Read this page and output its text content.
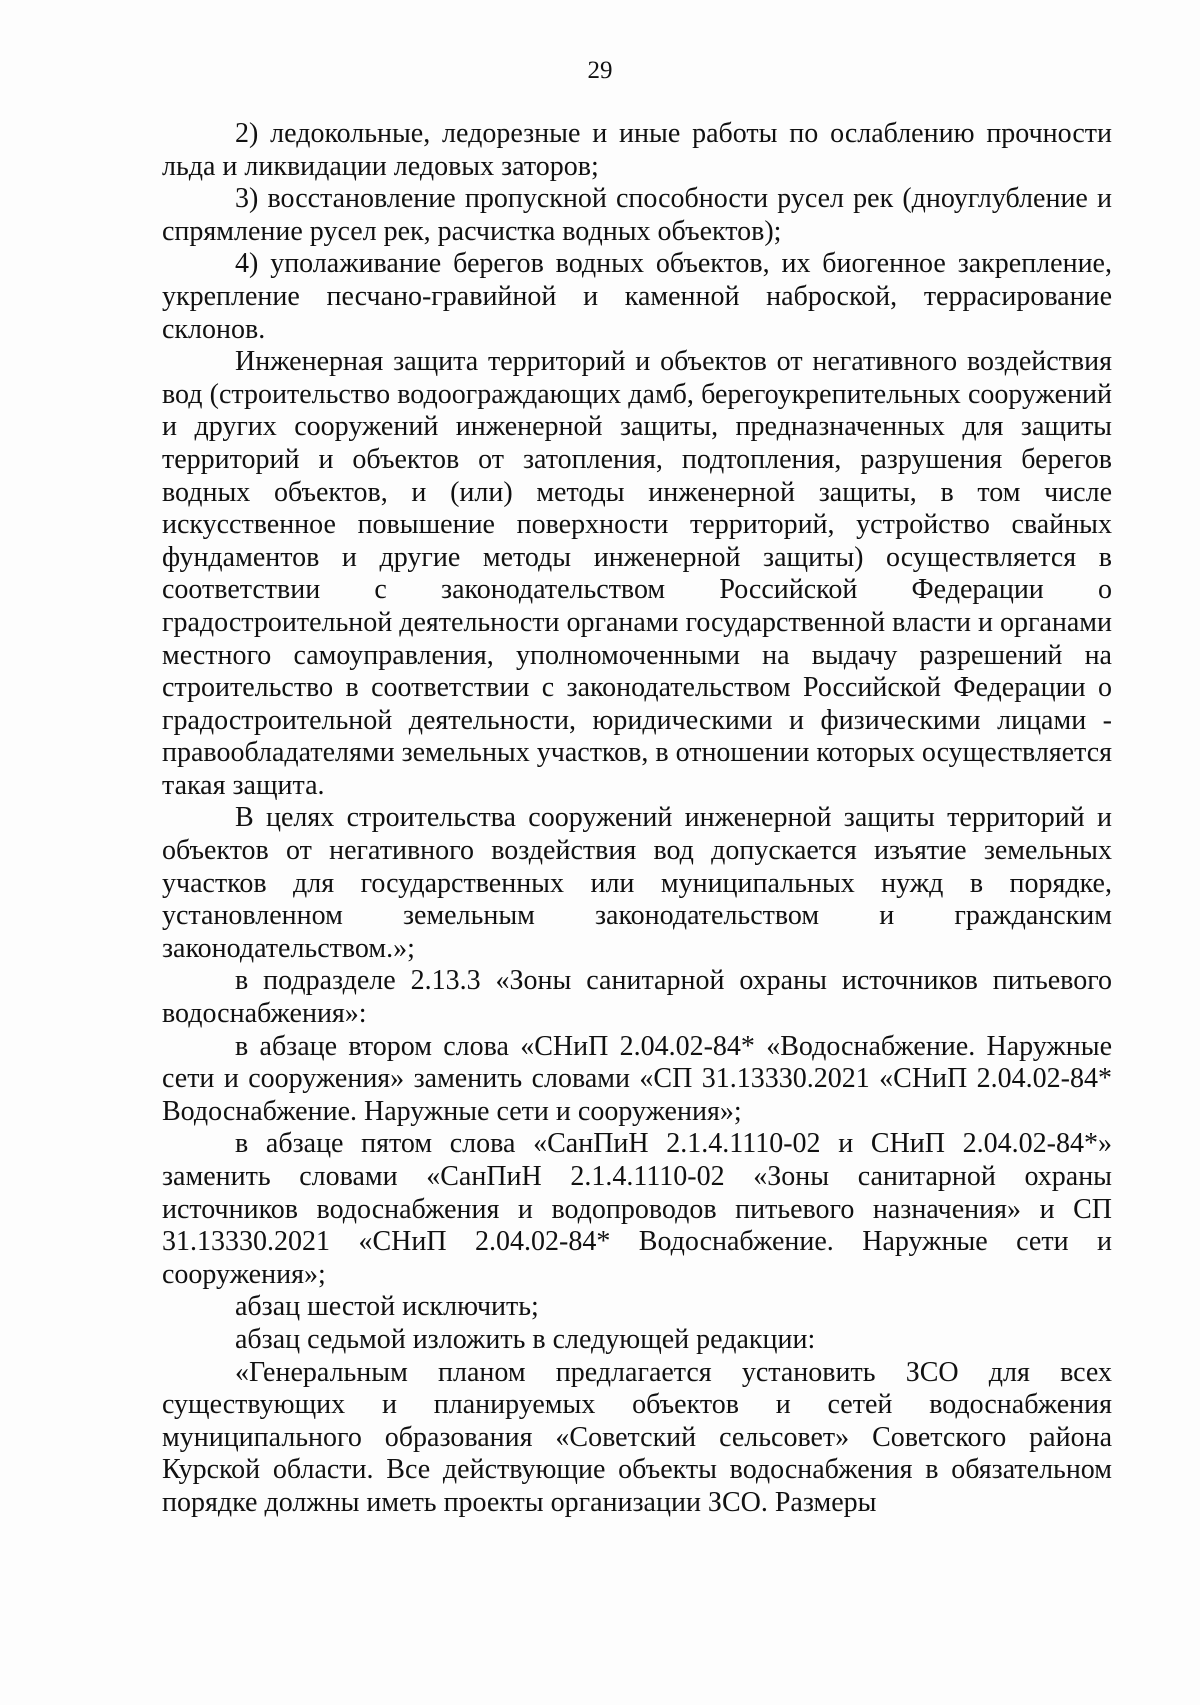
29

2) ледокольные, ледорезные и иные работы по ослаблению прочности льда и ликвидации ледовых заторов;

3) восстановление пропускной способности русел рек (дноуглубление и спрямление русел рек, расчистка водных объектов);

4) уполаживание берегов водных объектов, их биогенное закрепление, укрепление песчано-гравийной и каменной наброской, террасирование склонов.

Инженерная защита территорий и объектов от негативного воздействия вод (строительство водоограждающих дамб, берегоукрепительных сооружений и других сооружений инженерной защиты, предназначенных для защиты территорий и объектов от затопления, подтопления, разрушения берегов водных объектов, и (или) методы инженерной защиты, в том числе искусственное повышение поверхности территорий, устройство свайных фундаментов и другие методы инженерной защиты) осуществляется в соответствии с законодательством Российской Федерации о градостроительной деятельности органами государственной власти и органами местного самоуправления, уполномоченными на выдачу разрешений на строительство в соответствии с законодательством Российской Федерации о градостроительной деятельности, юридическими и физическими лицами - правообладателями земельных участков, в отношении которых осуществляется такая защита.

В целях строительства сооружений инженерной защиты территорий и объектов от негативного воздействия вод допускается изъятие земельных участков для государственных или муниципальных нужд в порядке, установленном земельным законодательством и гражданским законодательством.»;

в подразделе 2.13.3 «Зоны санитарной охраны источников питьевого водоснабжения»:

в абзаце втором слова «СНиП 2.04.02-84* «Водоснабжение. Наружные сети и сооружения» заменить словами «СП 31.13330.2021 «СНиП 2.04.02-84* Водоснабжение. Наружные сети и сооружения»;

в абзаце пятом слова «СанПиН 2.1.4.1110-02 и СНиП 2.04.02-84*» заменить словами «СанПиН 2.1.4.1110-02 «Зоны санитарной охраны источников водоснабжения и водопроводов питьевого назначения» и СП 31.13330.2021 «СНиП 2.04.02-84* Водоснабжение. Наружные сети и сооружения»;

абзац шестой исключить;

абзац седьмой изложить в следующей редакции:

«Генеральным планом предлагается установить ЗСО для всех существующих и планируемых объектов и сетей водоснабжения муниципального образования «Советский сельсовет» Советского района Курской области. Все действующие объекты водоснабжения в обязательном порядке должны иметь проекты организации ЗСО. Размеры
